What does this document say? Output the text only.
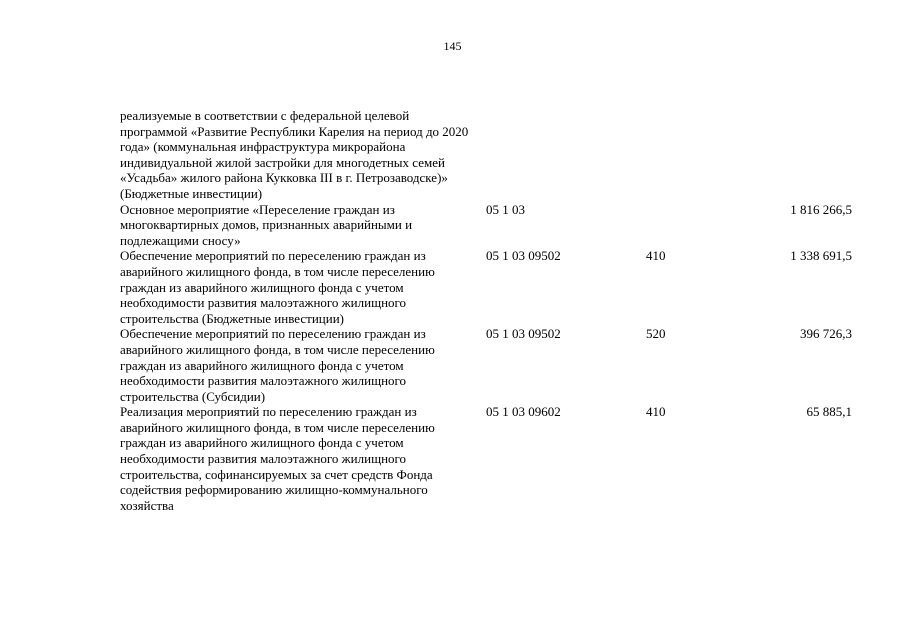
145
реализуемые в соответствии с федеральной целевой программой «Развитие Республики Карелия на период до 2020 года» (коммунальная инфраструктура микрорайона индивидуальной жилой застройки для многодетных семей «Усадьба» жилого района Кукковка III в г. Петрозаводске)» (Бюджетные инвестиции)			
Основное мероприятие «Переселение граждан из многоквартирных домов, признанных аварийными и подлежащими сносу»	05 1 03		1 816 266,5
Обеспечение мероприятий по переселению граждан из аварийного жилищного фонда, в том числе переселению граждан из аварийного жилищного фонда с учетом необходимости развития малоэтажного жилищного строительства (Бюджетные инвестиции)	05 1 03 09502	410	1 338 691,5
Обеспечение мероприятий по переселению граждан из аварийного жилищного фонда, в том числе переселению граждан из аварийного жилищного фонда с учетом необходимости развития малоэтажного жилищного строительства (Субсидии)	05 1 03 09502	520	396 726,3
Реализация мероприятий по переселению граждан из аварийного жилищного фонда, в том числе переселению граждан из аварийного жилищного фонда с учетом необходимости развития малоэтажного жилищного строительства, софинансируемых за счет средств Фонда содействия реформированию жилищно-коммунального хозяйства	05 1 03 09602	410	65 885,1
